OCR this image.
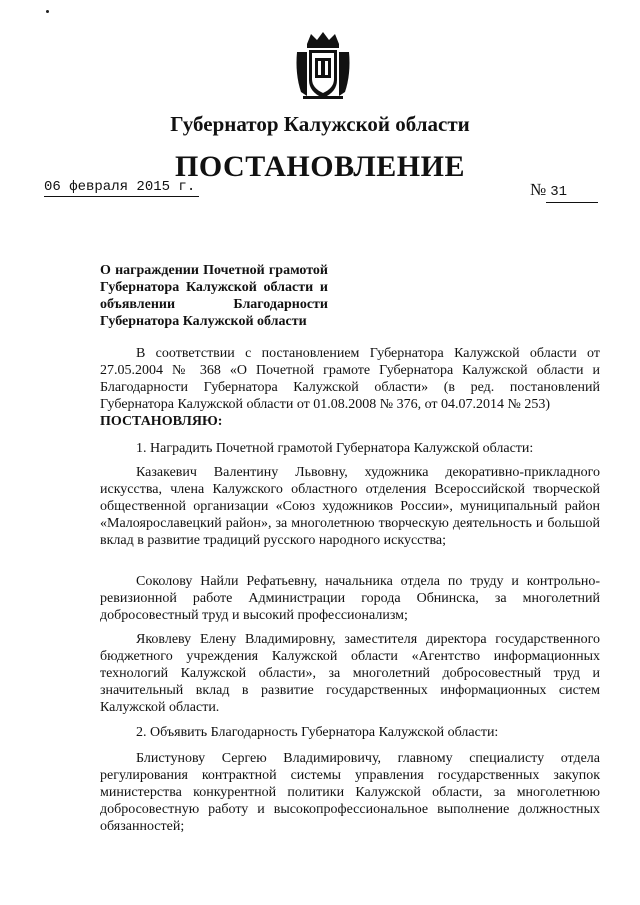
Губернатор Калужской области
ПОСТАНОВЛЕНИЕ
06 февраля 2015 г.	№ 31
О награждении Почетной грамотой Губернатора Калужской области и объявлении Благодарности Губернатора Калужской области
В соответствии с постановлением Губернатора Калужской области от 27.05.2004 № 368 «О Почетной грамоте Губернатора Калужской области и Благодарности Губернатора Калужской области» (в ред. постановлений Губернатора Калужской области от 01.08.2008 № 376, от 04.07.2014 № 253)
ПОСТАНОВЛЯЮ:
1. Наградить Почетной грамотой Губернатора Калужской области:
Казакевич Валентину Львовну, художника декоративно-прикладного искусства, члена Калужского областного отделения Всероссийской творческой общественной организации «Союз художников России», муниципальный район «Малоярославецкий район», за многолетнюю творческую деятельность и большой вклад в развитие традиций русского народного искусства;
Соколову Найли Рефатьевну, начальника отдела по труду и контрольно-ревизионной работе Администрации города Обнинска, за многолетний добросовестный труд и высокий профессионализм;
Яковлеву Елену Владимировну, заместителя директора государственного бюджетного учреждения Калужской области «Агентство информационных технологий Калужской области», за многолетний добросовестный труд и значительный вклад в развитие государственных информационных систем Калужской области.
2. Объявить Благодарность Губернатора Калужской области:
Блистунову Сергею Владимировичу, главному специалисту отдела регулирования контрактной системы управления государственных закупок министерства конкурентной политики Калужской области, за многолетнюю добросовестную работу и высокопрофессиональное выполнение должностных обязанностей;
